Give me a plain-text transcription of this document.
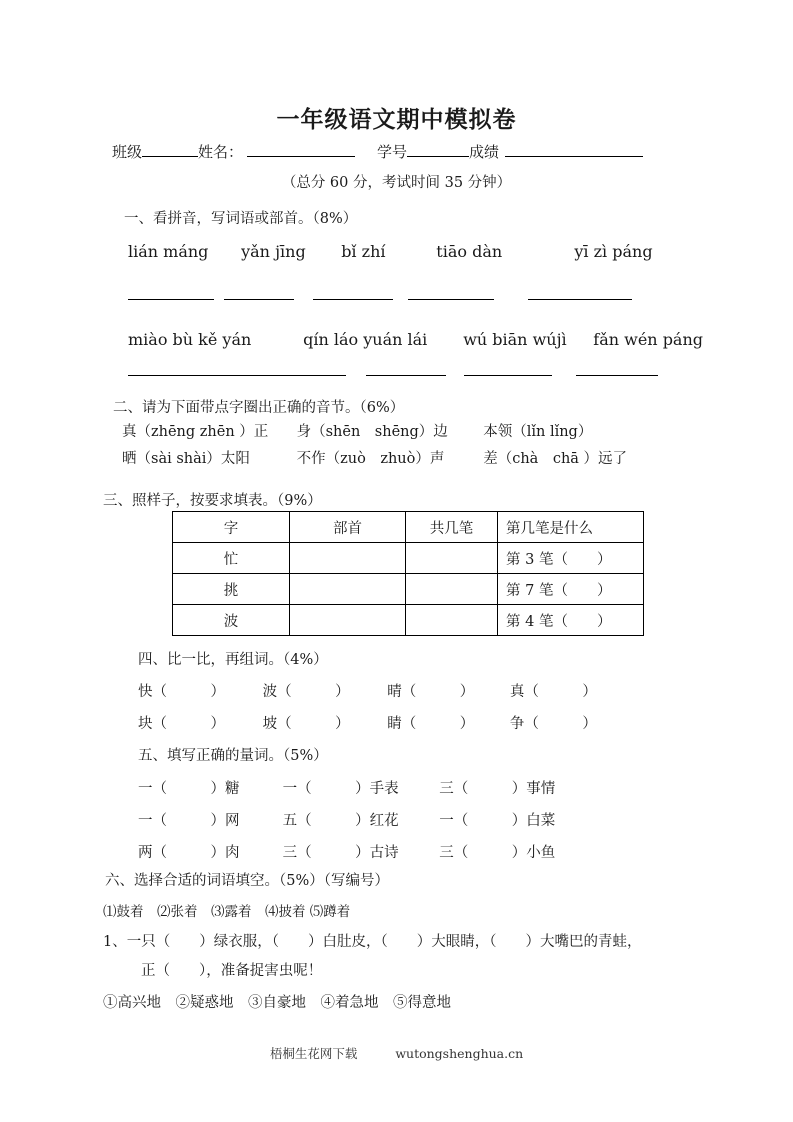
一年级语文期中模拟卷
班级	姓名：	学号	成绩
（总分 60 分，考试时间 35 分钟）
一、看拼音，写词语或部首。（8%）
lián máng yǎn jīng bǐ zhí	tiāo dàn	yī zì páng
miào bù kě yán	qín láo yuán lái wú biān wújì fǎn wén páng
二、请为下面带点字圈出正确的音节。（6%）
真（zhēng zhēn ）正 身（shēn　shēng）边 本领（lǐn lǐng）
晒（sài shài）太阳	不作（zuò　zhuò）声	差（chà　chā ）远了
三、照样子，按要求填表。（9%）
字	部首	共几笔	第几笔是什么
忙			第 3 笔（　　）
挑			第 7 笔（　　）
波			第 4 笔（　　）
四、比一比，再组词。（4%）
快（　　　）	波（　　　）	晴（　　　） 真（　　　）
块（　　　）	坡（　　　）	睛（　　　） 争（　　　）
五、填写正确的量词。（5%）
一（　　　）糖	一（　　　）手表	三（　　　）事情
一（　　　）网	五（　　　）红花	一（　　　）白菜
两（　　　）肉	三（　　　）古诗	三（　　　）小鱼
六、选择合适的词语填空。（5%）（写编号）
⑴鼓着　⑵张着　⑶露着　⑷披着 ⑸蹲着
1、一只（　　）绿衣服，（　　）白肚皮，（　　）大眼睛，（　　）大嘴巴的青蛙，
正（　　），准备捉害虫呢！
①高兴地　②疑惑地　③自豪地　④着急地　⑤得意地
梧桐生花网下载	wutongshenghua.cn
